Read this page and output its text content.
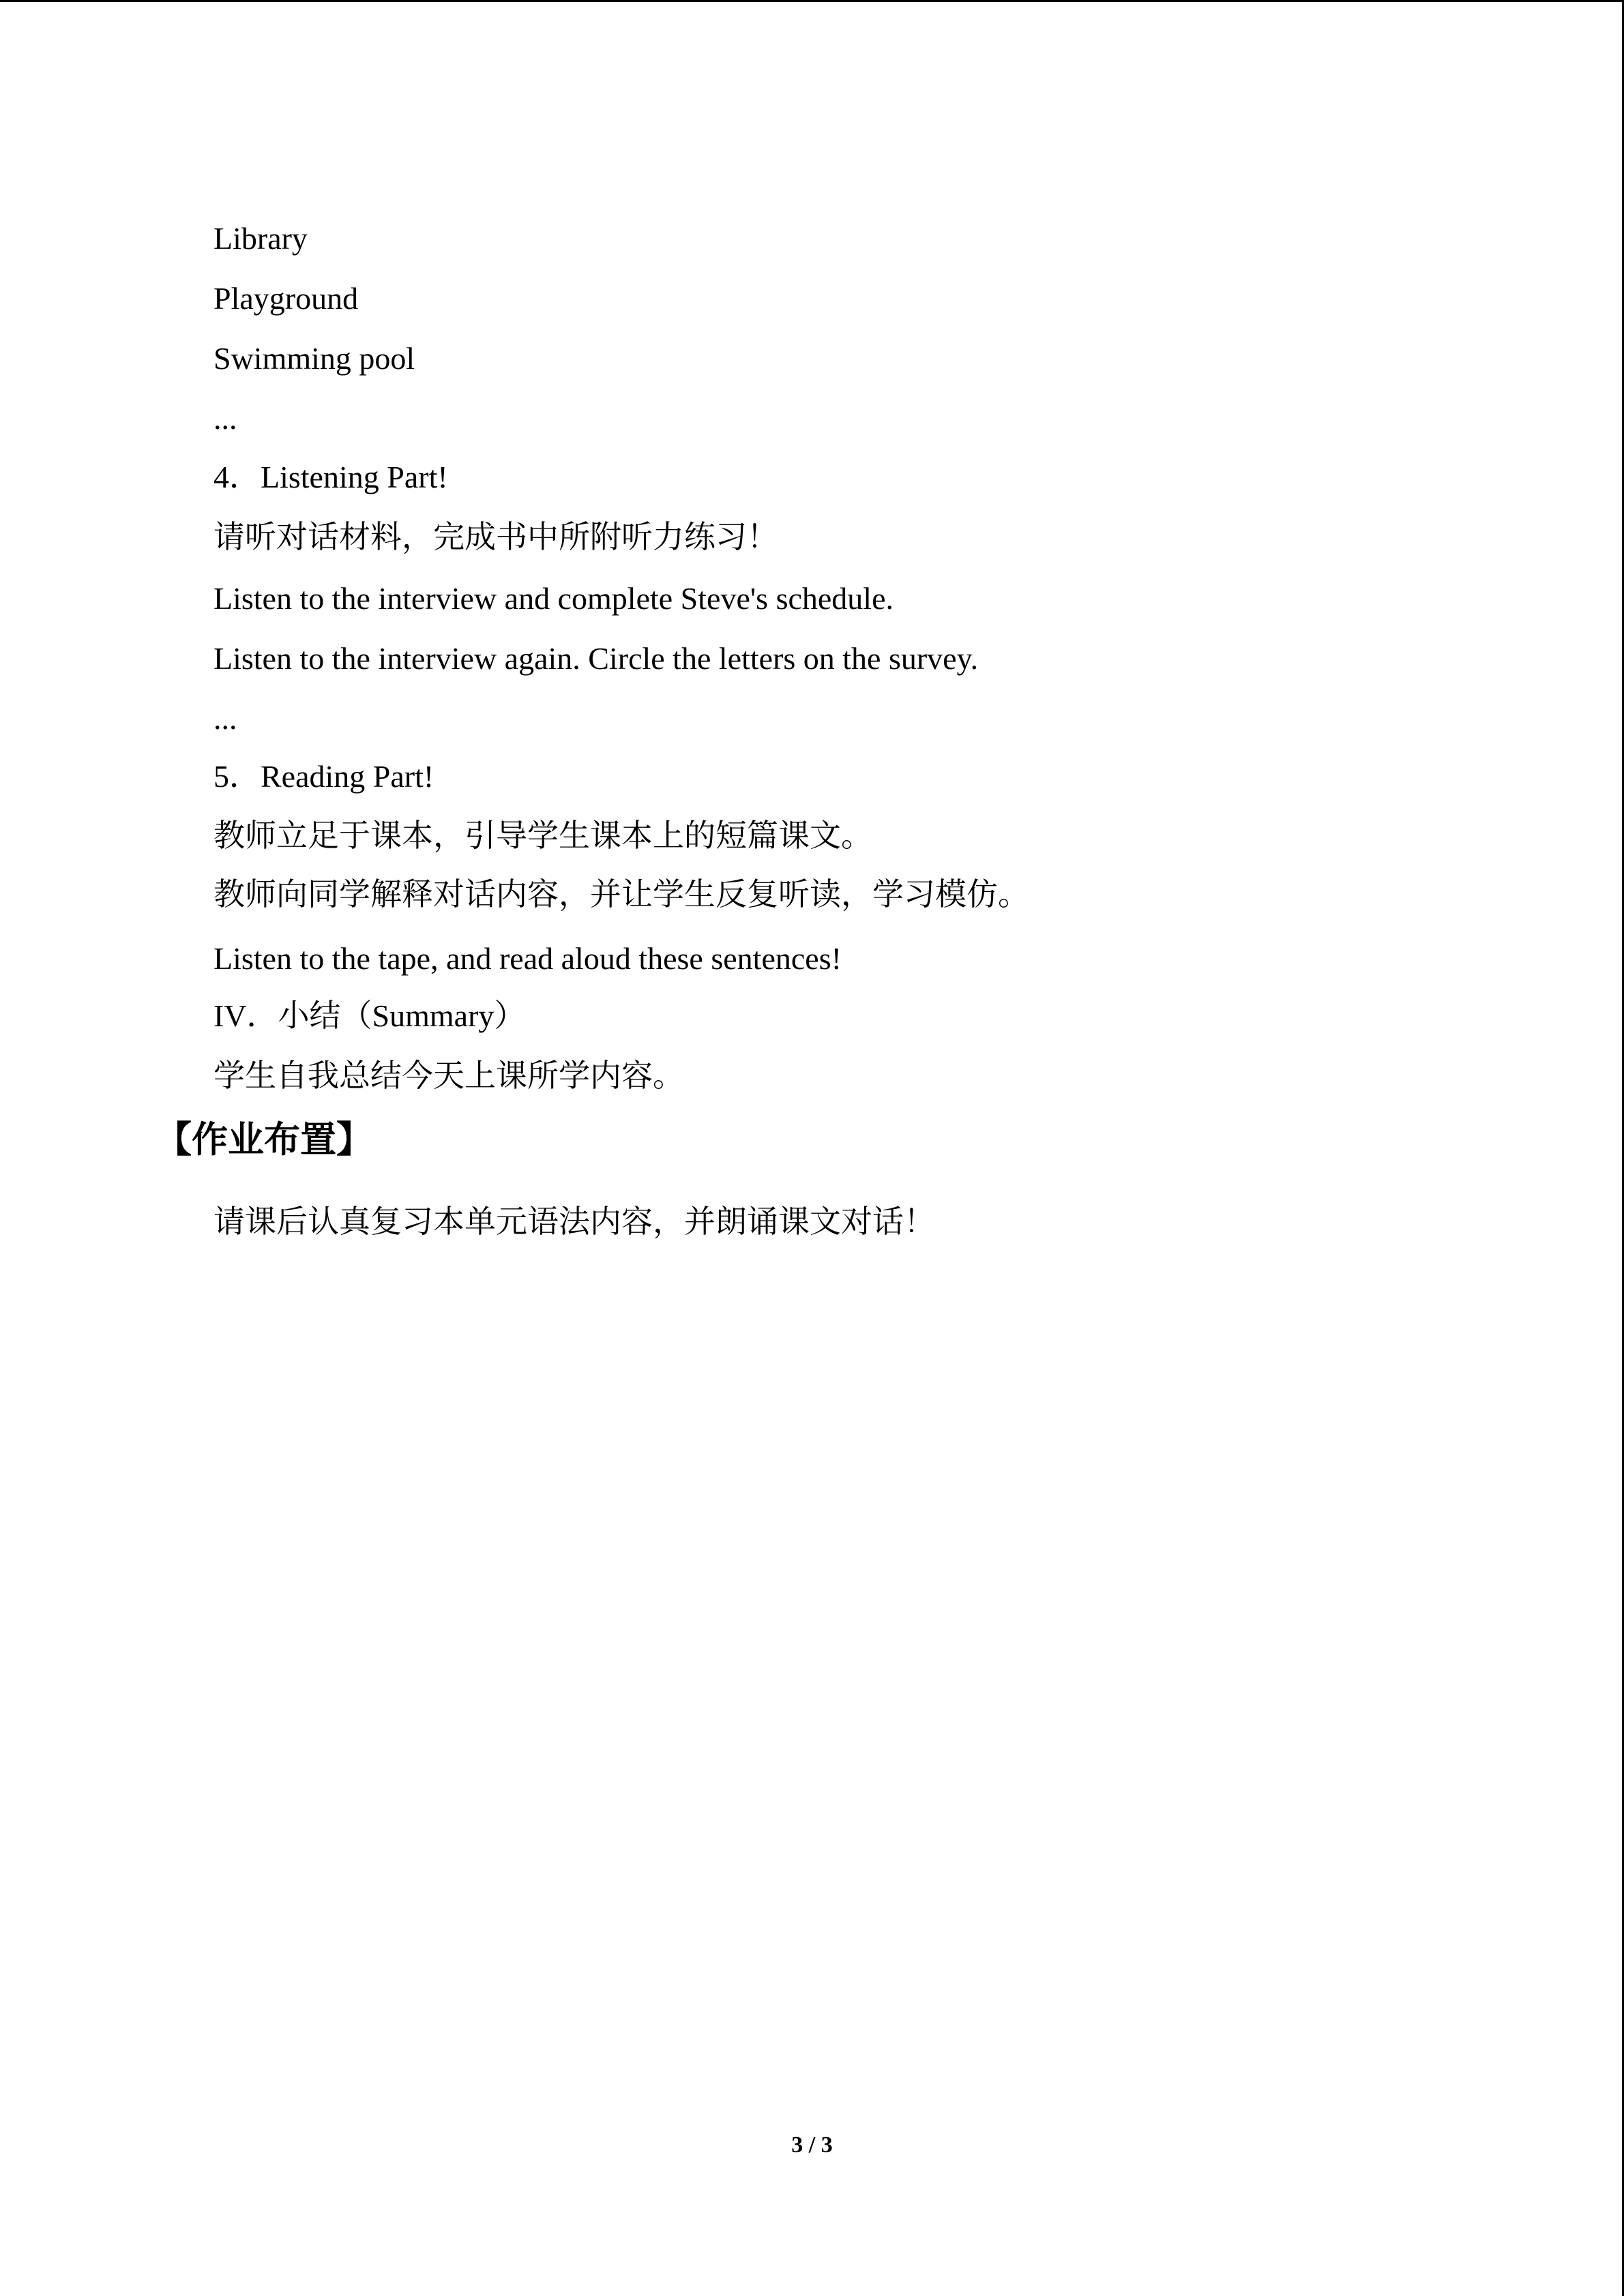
Library
Playground
Swimming pool
...
4．Listening Part!
请听对话材料，完成书中所附听力练习！
Listen to the interview and complete Steve's schedule.
Listen to the interview again. Circle the letters on the survey.
...
5．Reading Part!
教师立足于课本，引导学生课本上的短篇课文。
教师向同学解释对话内容，并让学生反复听读，学习模仿。
Listen to the tape, and read aloud these sentences!
IV．小结（Summary）
学生自我总结今天上课所学内容。
【作业布置】
请课后认真复习本单元语法内容，并朗诵课文对话！
3 / 3
